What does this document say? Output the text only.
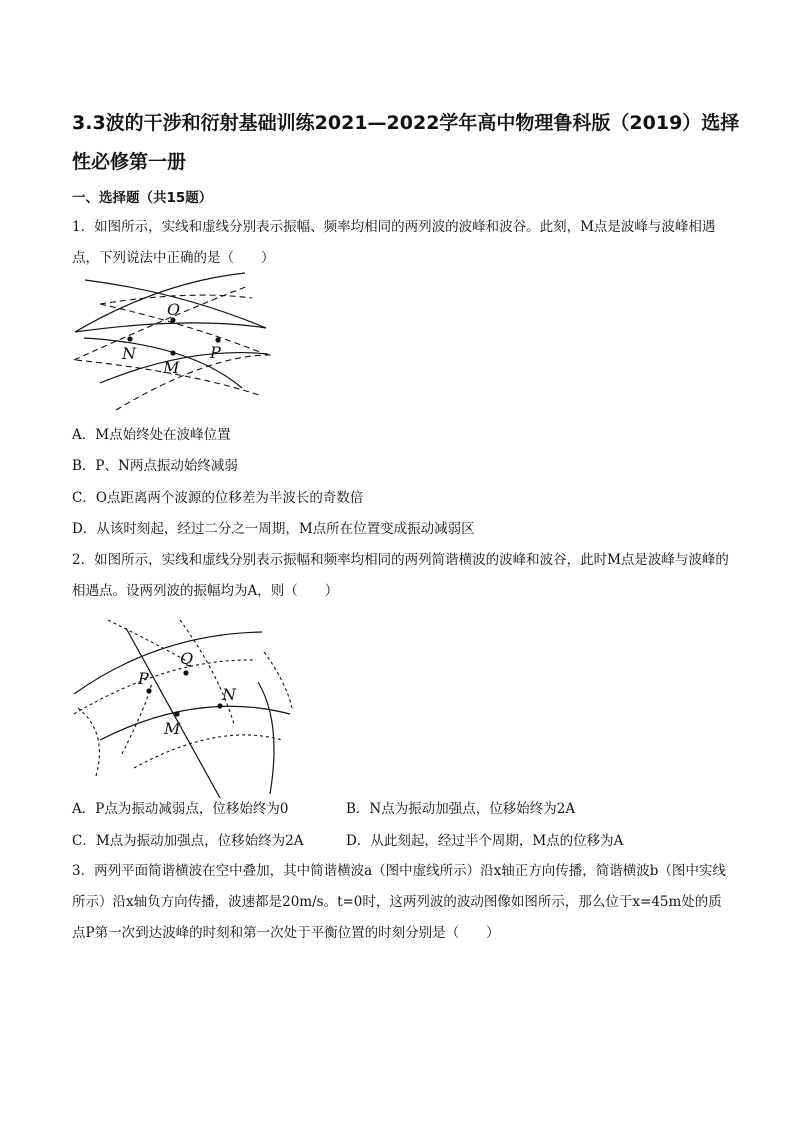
3.3波的干涉和衍射基础训练2021—2022学年高中物理鲁科版（2019）选择性必修第一册
一、选择题（共15题）
1．如图所示，实线和虚线分别表示振幅、频率均相同的两列波的波峰和波谷。此刻，M点是波峰与波峰相遇点，下列说法中正确的是（　　）
O
N
M
P
A．M点始终处在波峰位置
B．P、N两点振动始终减弱
C．O点距离两个波源的位移差为半波长的奇数倍
D．从该时刻起，经过二分之一周期，M点所在位置变成振动减弱区
2．如图所示，实线和虚线分别表示振幅和频率均相同的两列简谐横波的波峰和波谷，此时M点是波峰与波峰的相遇点。设两列波的振幅均为A，则（　　）
Q
P
N
M
A．P点为振动减弱点，位移始终为0	B．N点为振动加强点，位移始终为2A
C．M点为振动加强点，位移始终为2A	D．从此刻起，经过半个周期，M点的位移为A
3．两列平面简谐横波在空中叠加，其中简谐横波a（图中虚线所示）沿x轴正方向传播，简谐横波b（图中实线所示）沿x轴负方向传播，波速都是20m/s。t=0时，这两列波的波动图像如图所示，那么位于x=45m处的质点P第一次到达波峰的时刻和第一次处于平衡位置的时刻分别是（　　）
